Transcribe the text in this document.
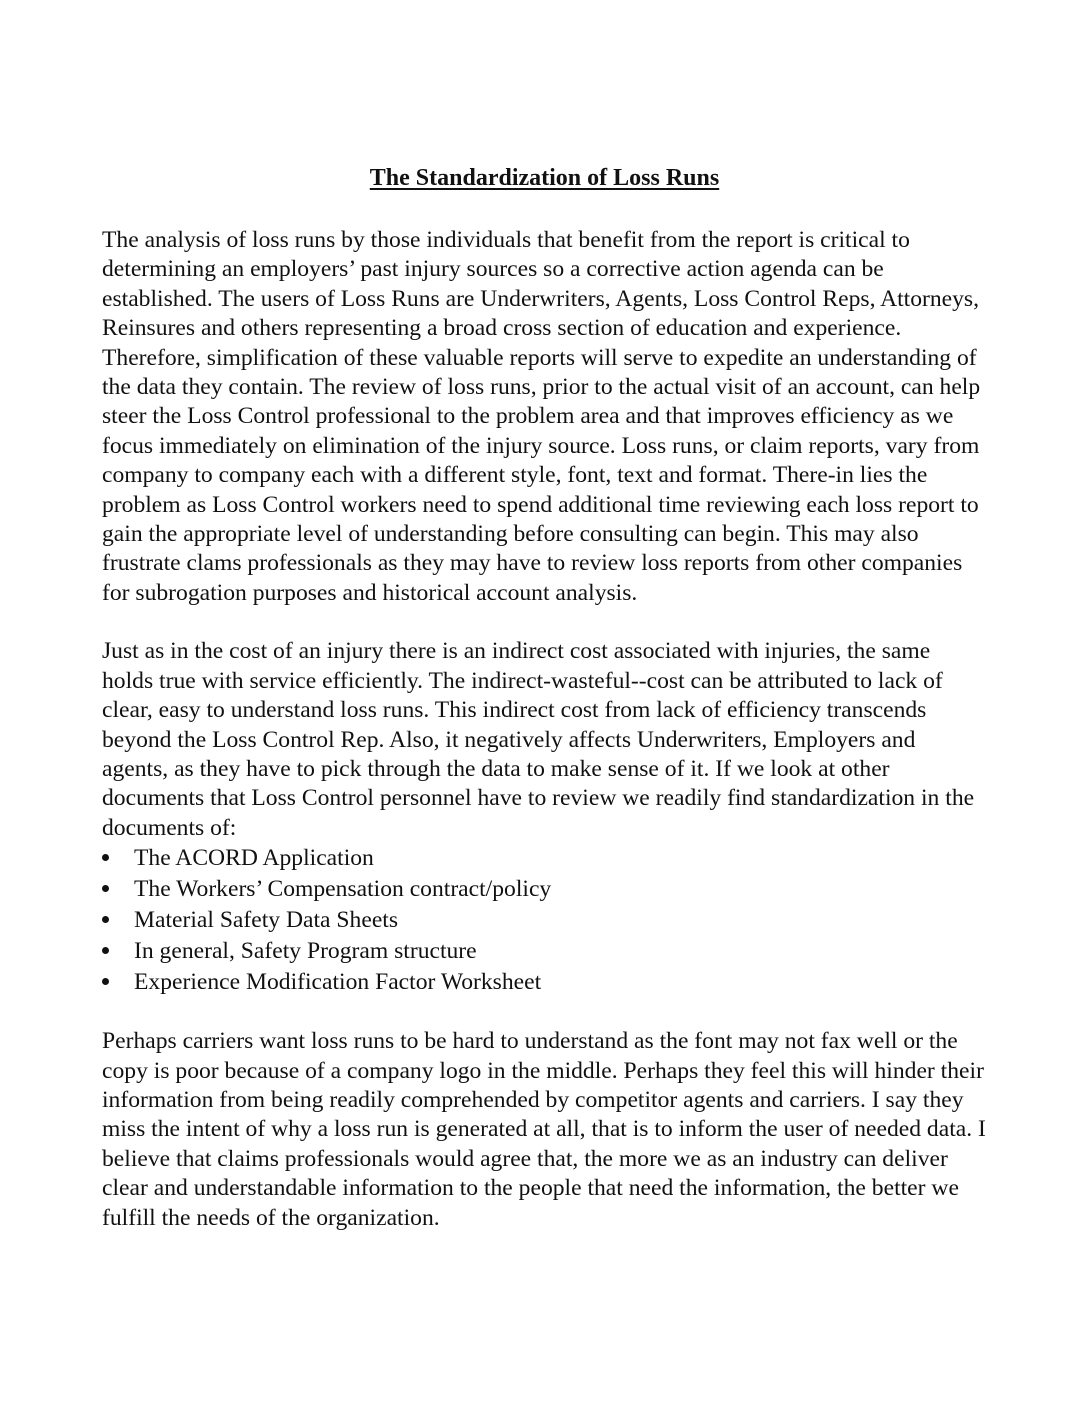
The Standardization of Loss Runs

The analysis of loss runs by those individuals that benefit from the report is critical to determining an employers’ past injury sources so a corrective action agenda can be established. The users of Loss Runs are Underwriters, Agents, Loss Control Reps, Attorneys, Reinsures and others representing a broad cross section of education and experience. Therefore, simplification of these valuable reports will serve to expedite an understanding of the data they contain. The review of loss runs, prior to the actual visit of an account, can help steer the Loss Control professional to the problem area and that improves efficiency as we focus immediately on elimination of the injury source. Loss runs, or claim reports, vary from company to company each with a different style, font, text and format. There-in lies the problem as Loss Control workers need to spend additional time reviewing each loss report to gain the appropriate level of understanding before consulting can begin. This may also frustrate clams professionals as they may have to review loss reports from other companies for subrogation purposes and historical account analysis.

Just as in the cost of an injury there is an indirect cost associated with injuries, the same holds true with service efficiently. The indirect-wasteful--cost can be attributed to lack of clear, easy to understand loss runs. This indirect cost from lack of efficiency transcends beyond the Loss Control Rep. Also, it negatively affects Underwriters, Employers and agents, as they have to pick through the data to make sense of it. If we look at other documents that Loss Control personnel have to review we readily find standardization in the documents of:

The ACORD Application
The Workers’ Compensation contract/policy
Material Safety Data Sheets
In general, Safety Program structure
Experience Modification Factor Worksheet

Perhaps carriers want loss runs to be hard to understand as the font may not fax well or the copy is poor because of a company logo in the middle. Perhaps they feel this will hinder their information from being readily comprehended by competitor agents and carriers. I say they miss the intent of why a loss run is generated at all, that is to inform the user of needed data. I believe that claims professionals would agree that, the more we as an industry can deliver clear and understandable information to the people that need the information, the better we fulfill the needs of the organization.
